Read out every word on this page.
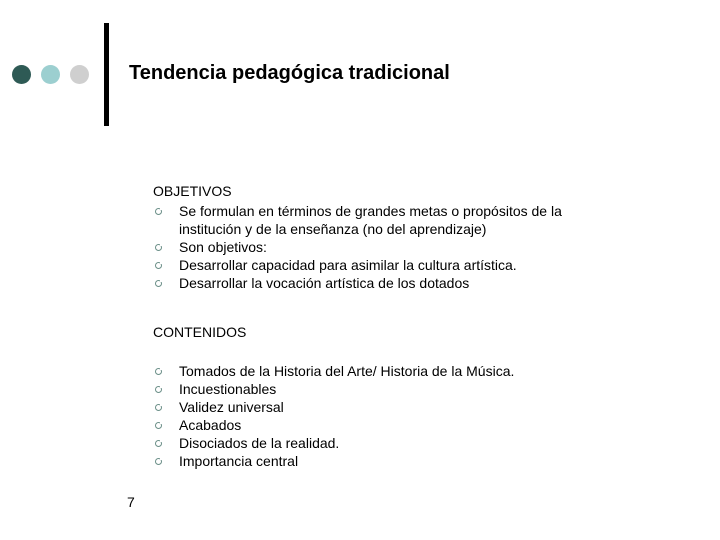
Tendencia pedagógica tradicional
OBJETIVOS
Se formulan en términos de grandes metas o propósitos de la
institución y de la enseñanza (no del aprendizaje)
Son objetivos:
Desarrollar capacidad para asimilar la cultura artística.
Desarrollar la vocación artística de los dotados
CONTENIDOS
Tomados de la Historia del Arte/ Historia de la Música.
Incuestionables
Validez universal
Acabados
Disociados de la realidad.
Importancia central
7
